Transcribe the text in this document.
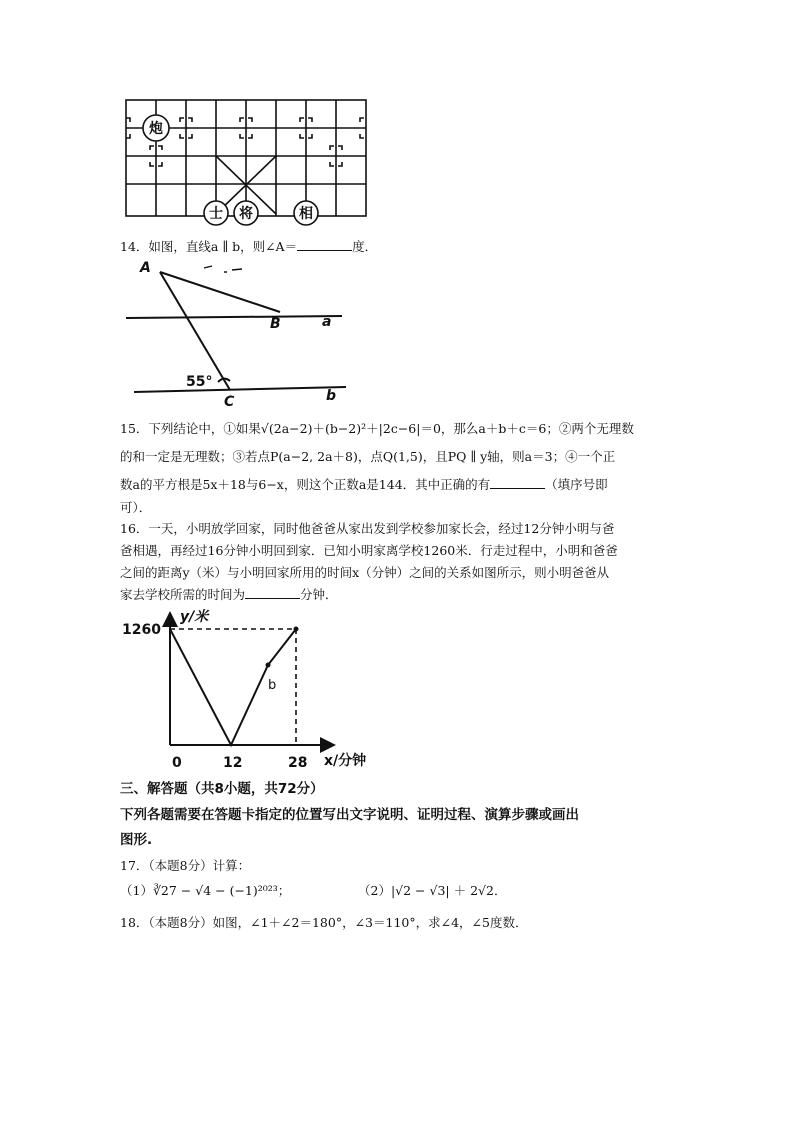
炮
士 将	相
14．如图，直线a ∥ b，则∠A＝	度．
A
B
C
a
b
55°
15．下列结论中，①如果√(2a−2)＋(b−2)²＋|2c−6|＝0，那么a＋b＋c＝6；②两个无理数
的和一定是无理数；③若点P(a−2, 2a＋8)，点Q(1,5)，且PQ ∥ y轴，则a＝3；④一个正
数a的平方根是5x＋18与6−x，则这个正数a是144．其中正确的有	（填序号即
可）．
16．一天，小明放学回家，同时他爸爸从家出发到学校参加家长会，经过12分钟小明与爸
爸相遇，再经过16分钟小明回到家．已知小明家离学校1260米．行走过程中，小明和爸爸
之间的距离y（米）与小明回家所用的时间x（分钟）之间的关系如图所示，则小明爸爸从
家去学校所需的时间为	分钟．
1260
y/米
0	12	28 x/分钟
b
三、解答题（共8小题，共72分）
下列各题需要在答题卡指定的位置写出文字说明、证明过程、演算步骤或画出
图形.
17．（本题8分）计算：
（1）∛27 − √4 − (−1)²⁰²³；	（2）|√2 − √3| ＋ 2√2．
18．（本题8分）如图，∠1＋∠2＝180°，∠3＝110°，求∠4，∠5度数．
